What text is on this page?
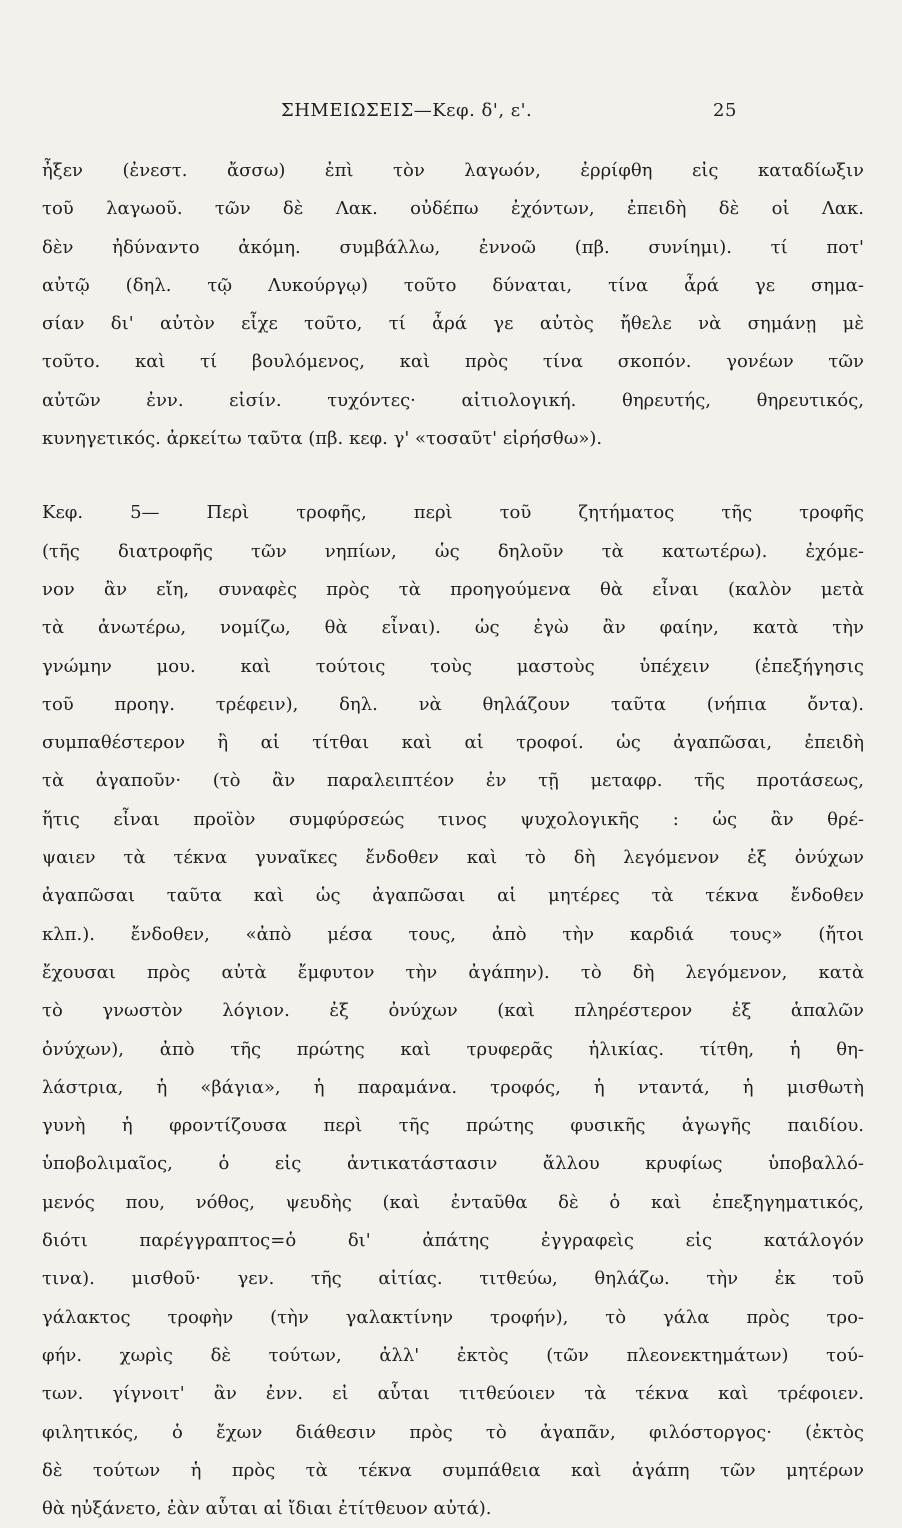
ΣΗΜΕΙΩΣΕΙΣ—Κεφ. δ', ε'.	25
ἦξεν (ἐνεστ. ἄσσω) ἐπὶ τὸν λαγωόν, ἐρρίφθη εἰς καταδίωξιν
τοῦ λαγωοῦ. τῶν δὲ Λακ. οὐδέπω ἐχόντων, ἐπειδὴ δὲ οἱ Λακ.
δὲν ἠδύναντο ἀκόμη. συμβάλλω, ἐννοῶ (πβ. συνίημι). τί ποτ'
αὐτῷ (δηλ. τῷ Λυκούργῳ) τοῦτο δύναται, τίνα ἆρά γε σημα-
σίαν δι' αὐτὸν εἶχε τοῦτο, τί ἆρά γε αὐτὸς ἤθελε νὰ σημάνῃ μὲ
τοῦτο. καὶ τί βουλόμενος, καὶ πρὸς τίνα σκοπόν. γονέων τῶν
αὐτῶν ἐνν. εἰσίν. τυχόντες· αἰτιολογική. θηρευτής, θηρευτικός,
κυνηγετικός. ἀρκείτω ταῦτα (πβ. κεφ. γ' «τοσαῦτ' εἰρήσθω»).
Κεφ. 5— Περὶ τροφῆς, περὶ τοῦ ζητήματος τῆς τροφῆς
(τῆς διατροφῆς τῶν νηπίων, ὡς δηλοῦν τὰ κατωτέρω). ἐχόμε-
νον ἂν εἴη, συναφὲς πρὸς τὰ προηγούμενα θὰ εἶναι (καλὸν μετὰ
τὰ ἀνωτέρω, νομίζω, θὰ εἶναι). ὡς ἐγὼ ἂν φαίην, κατὰ τὴν
γνώμην μου. καὶ τούτοις τοὺς μαστοὺς ὑπέχειν (ἐπεξήγησις
τοῦ προηγ. τρέφειν), δηλ. νὰ θηλάζουν ταῦτα (νήπια ὄντα).
συμπαθέστερον ἢ αἱ τίτθαι καὶ αἱ τροφοί. ὡς ἀγαπῶσαι, ἐπειδὴ
τὰ ἀγαποῦν· (τὸ ἂν παραλειπτέον ἐν τῇ μεταφρ. τῆς προτάσεως,
ἥτις εἶναι προϊὸν συμφύρσεώς τινος ψυχολογικῆς : ὡς ἂν θρέ-
ψαιεν τὰ τέκνα γυναῖκες ἔνδοθεν καὶ τὸ δὴ λεγόμενον ἐξ ὀνύχων
ἀγαπῶσαι ταῦτα καὶ ὡς ἀγαπῶσαι αἱ μητέρες τὰ τέκνα ἔνδοθεν
κλπ.). ἔνδοθεν, «ἀπὸ μέσα τους, ἀπὸ τὴν καρδιά τους» (ἤτοι
ἔχουσαι πρὸς αὐτὰ ἔμφυτον τὴν ἀγάπην). τὸ δὴ λεγόμενον, κατὰ
τὸ γνωστὸν λόγιον. ἐξ ὀνύχων (καὶ πληρέστερον ἐξ ἁπαλῶν
ὀνύχων), ἀπὸ τῆς πρώτης καὶ τρυφερᾶς ἡλικίας. τίτθη, ἡ θη-
λάστρια, ἡ «βάγια», ἡ παραμάνα. τροφός, ἡ νταντά, ἡ μισθωτὴ
γυνὴ ἡ φροντίζουσα περὶ τῆς πρώτης φυσικῆς ἀγωγῆς παιδίου.
ὑποβολιμαῖος, ὁ εἰς ἀντικατάστασιν ἄλλου κρυφίως ὑποβαλλό-
μενός που, νόθος, ψευδὴς (καὶ ἐνταῦθα δὲ ὁ καὶ ἐπεξηγηματικός,
διότι παρέγγραπτος=ὁ δι' ἀπάτης ἐγγραφεὶς εἰς κατάλογόν
τινα). μισθοῦ· γεν. τῆς αἰτίας. τιτθεύω, θηλάζω. τὴν ἐκ τοῦ
γάλακτος τροφὴν (τὴν γαλακτίνην τροφήν), τὸ γάλα πρὸς τρο-
φήν. χωρὶς δὲ τούτων, ἀλλ' ἐκτὸς (τῶν πλεονεκτημάτων) τού-
των. γίγνοιτ' ἂν ἐνν. εἰ αὗται τιτθεύοιεν τὰ τέκνα καὶ τρέφοιεν.
φιλητικός, ὁ ἔχων διάθεσιν πρὸς τὸ ἀγαπᾶν, φιλόστοργος· (ἐκτὸς
δὲ τούτων ἡ πρὸς τὰ τέκνα συμπάθεια καὶ ἀγάπη τῶν μητέρων
θὰ ηὐξάνετο, ἐὰν αὗται αἱ ἴδιαι ἐτίτθευον αὐτά).
